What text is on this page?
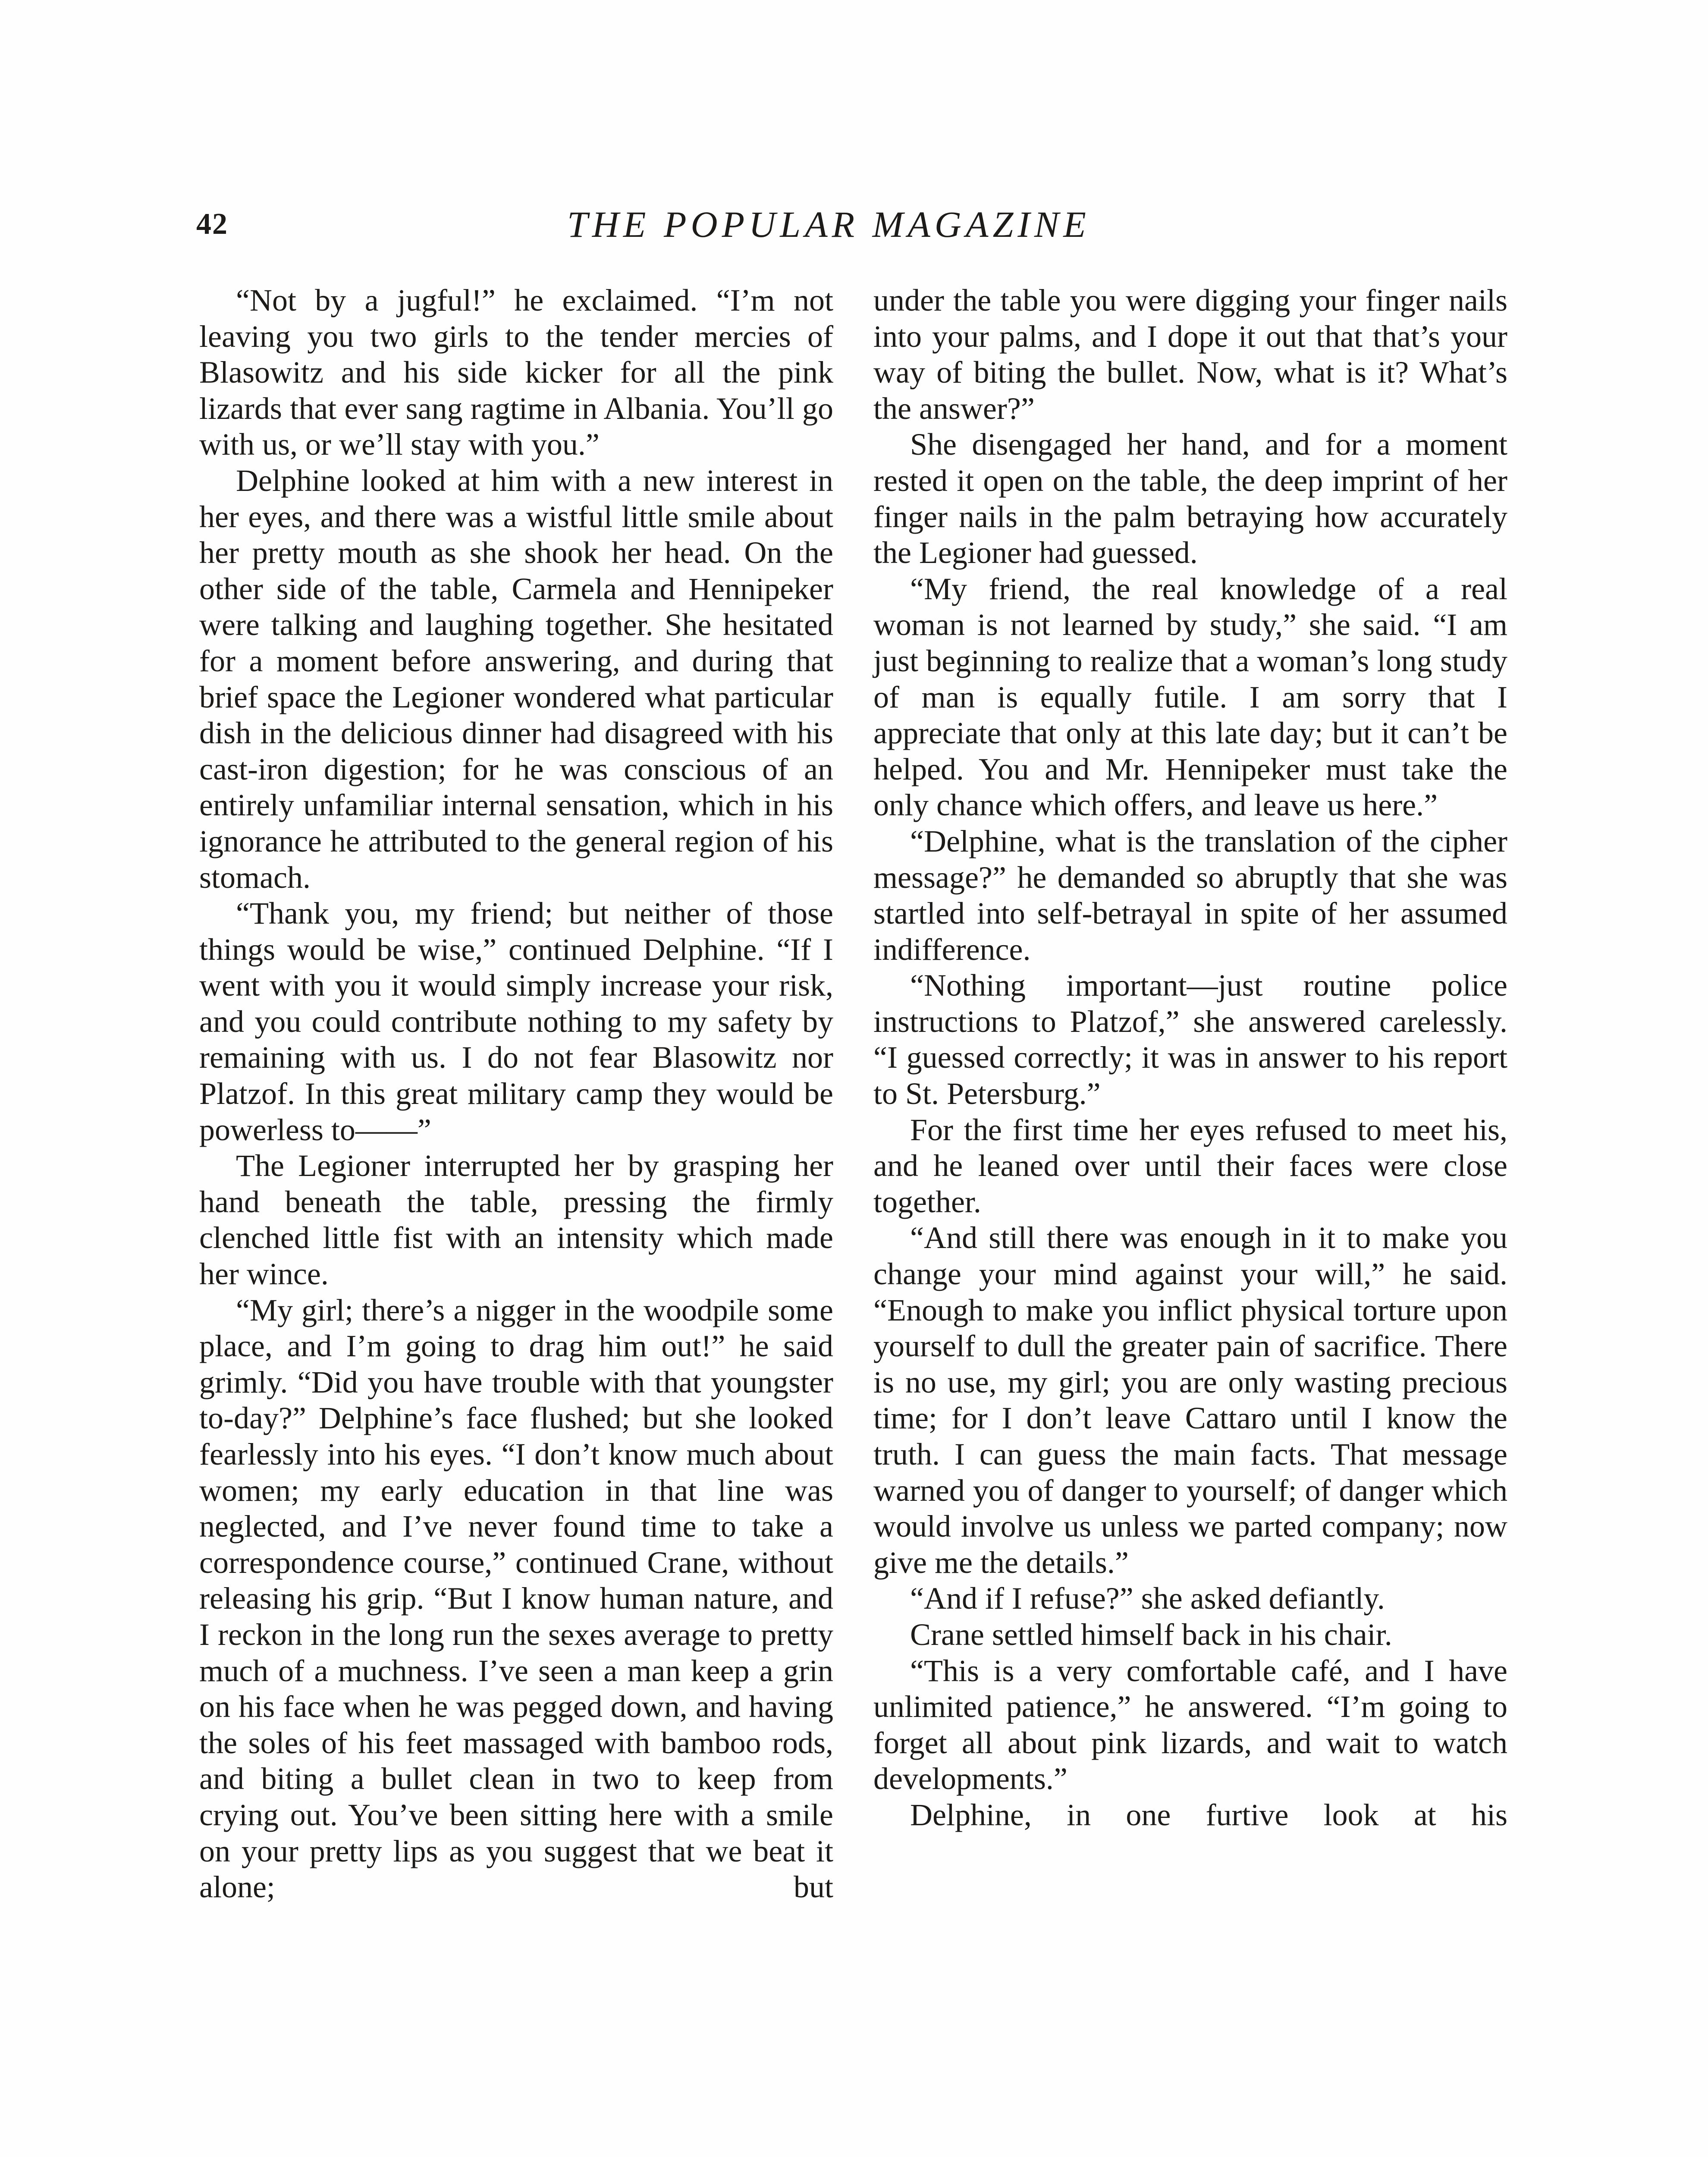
42	THE POPULAR MAGAZINE

“Not by a jugful!” he exclaimed. “I’m not leaving you two girls to the tender mercies of Blasowitz and his side kicker for all the pink lizards that ever sang ragtime in Albania. You’ll go with us, or we’ll stay with you.”

Delphine looked at him with a new interest in her eyes, and there was a wistful little smile about her pretty mouth as she shook her head. On the other side of the table, Carmela and Hennipeker were talking and laughing together. She hesitated for a moment before answering, and during that brief space the Legioner wondered what particular dish in the delicious dinner had disagreed with his cast-iron digestion; for he was conscious of an entirely unfamiliar internal sensation, which in his ignorance he attributed to the general region of his stomach.

“Thank you, my friend; but neither of those things would be wise,” continued Delphine. “If I went with you it would simply increase your risk, and you could contribute nothing to my safety by remaining with us. I do not fear Blasowitz nor Platzof. In this great military camp they would be powerless to——”

The Legioner interrupted her by grasping her hand beneath the table, pressing the firmly clenched little fist with an intensity which made her wince.

“My girl; there’s a nigger in the woodpile some place, and I’m going to drag him out!” he said grimly. “Did you have trouble with that youngster to-day?” Delphine’s face flushed; but she looked fearlessly into his eyes. “I don’t know much about women; my early education in that line was neglected, and I’ve never found time to take a correspondence course,” continued Crane, without releasing his grip. “But I know human nature, and I reckon in the long run the sexes average to pretty much of a muchness. I’ve seen a man keep a grin on his face when he was pegged down, and having the soles of his feet massaged with bamboo rods, and biting a bullet clean in two to keep from crying out. You’ve been sitting here with a smile on your pretty lips as you suggest that we beat it alone; but

under the table you were digging your finger nails into your palms, and I dope it out that that’s your way of biting the bullet. Now, what is it? What’s the answer?”

She disengaged her hand, and for a moment rested it open on the table, the deep imprint of her finger nails in the palm betraying how accurately the Legioner had guessed.

“My friend, the real knowledge of a real woman is not learned by study,” she said. “I am just beginning to realize that a woman’s long study of man is equally futile. I am sorry that I appreciate that only at this late day; but it can’t be helped. You and Mr. Hennipeker must take the only chance which offers, and leave us here.”

“Delphine, what is the translation of the cipher message?” he demanded so abruptly that she was startled into self-betrayal in spite of her assumed indifference.

“Nothing important—just routine police instructions to Platzof,” she answered carelessly. “I guessed correctly; it was in answer to his report to St. Petersburg.”

For the first time her eyes refused to meet his, and he leaned over until their faces were close together.

“And still there was enough in it to make you change your mind against your will,” he said. “Enough to make you inflict physical torture upon yourself to dull the greater pain of sacrifice. There is no use, my girl; you are only wasting precious time; for I don’t leave Cattaro until I know the truth. I can guess the main facts. That message warned you of danger to yourself; of danger which would involve us unless we parted company; now give me the details.”

“And if I refuse?” she asked defiantly.

Crane settled himself back in his chair.

“This is a very comfortable café, and I have unlimited patience,” he answered. “I’m going to forget all about pink lizards, and wait to watch developments.”

Delphine, in one furtive look at his
